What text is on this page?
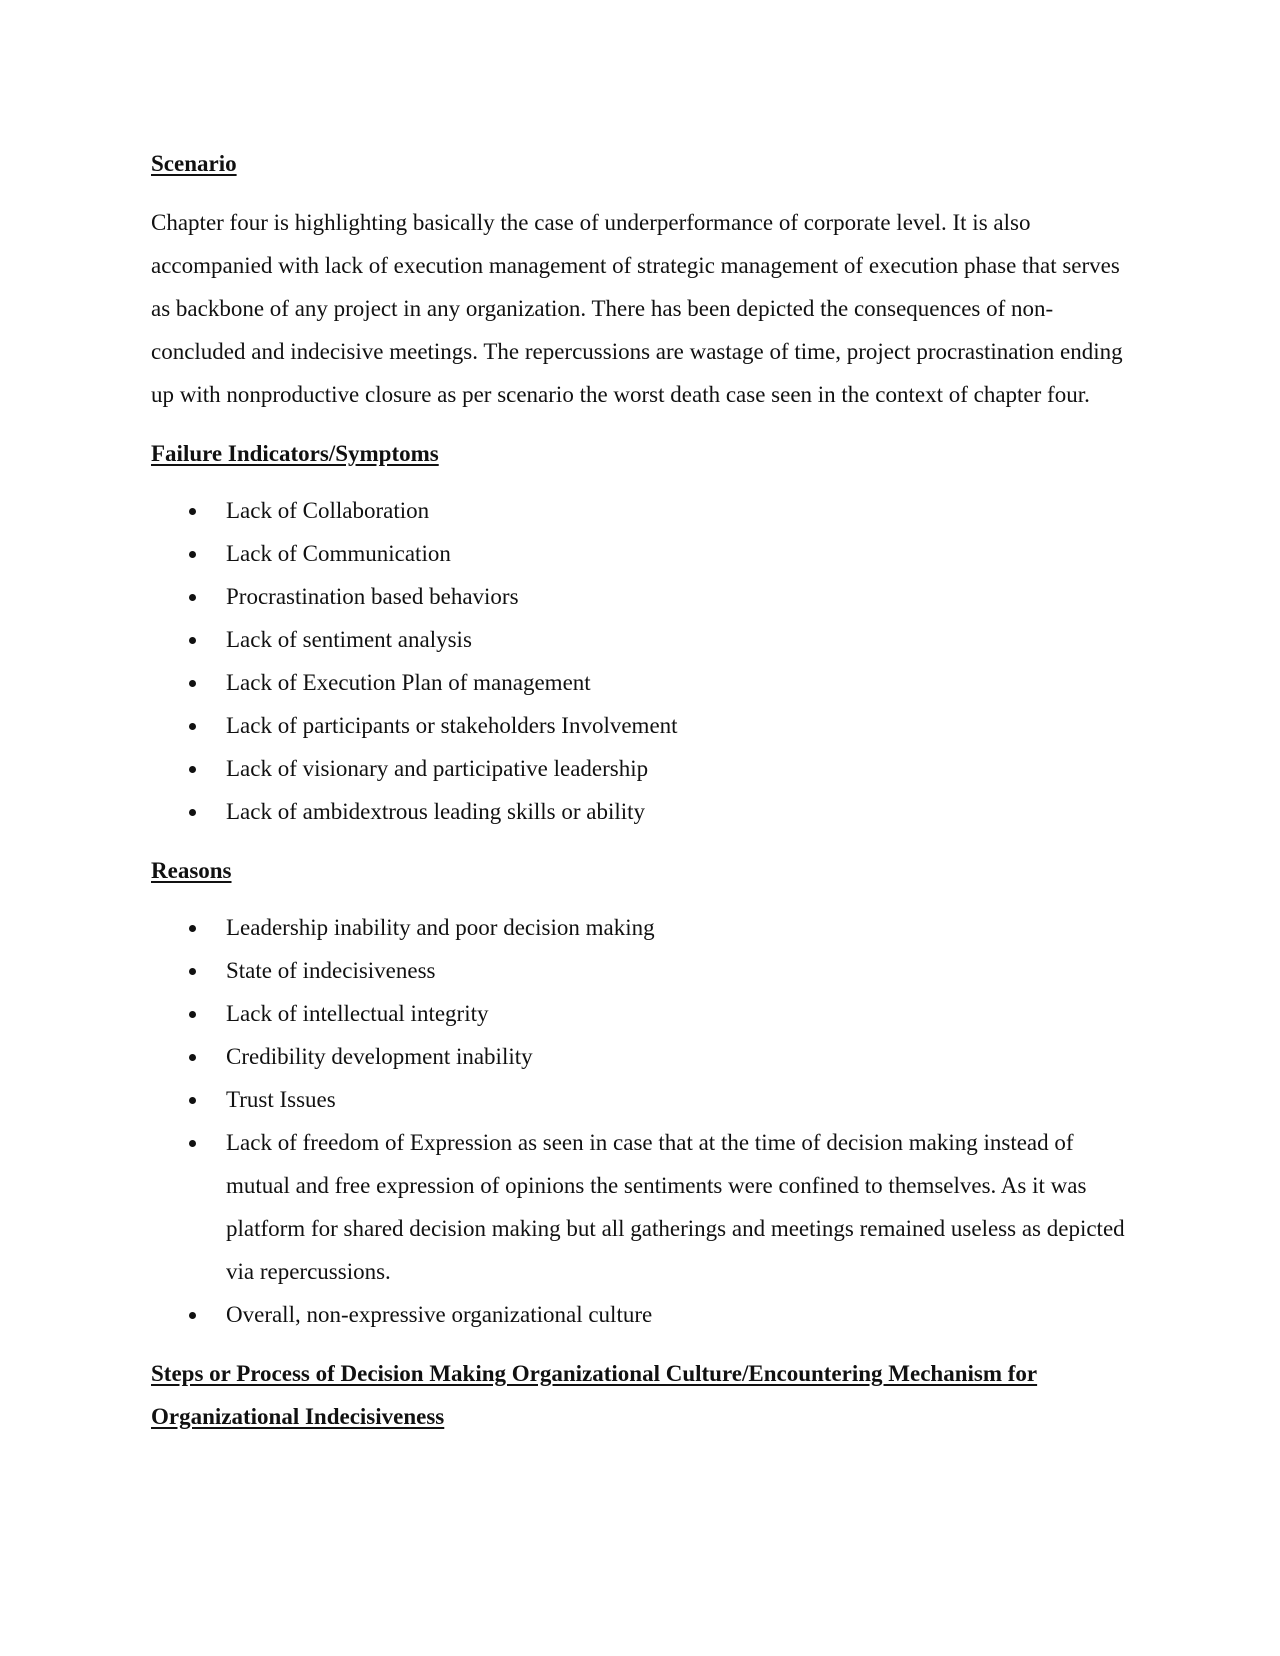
Scenario

Chapter four is highlighting basically the case of underperformance of corporate level. It is also accompanied with lack of execution management of strategic management of execution phase that serves as backbone of any project in any organization. There has been depicted the consequences of non-concluded and indecisive meetings. The repercussions are wastage of time, project procrastination ending up with nonproductive closure as per scenario the worst death case seen in the context of chapter four.

Failure Indicators/Symptoms

Lack of Collaboration
Lack of Communication
Procrastination based behaviors
Lack of sentiment analysis
Lack of Execution Plan of management
Lack of participants or stakeholders Involvement
Lack of visionary and participative leadership
Lack of ambidextrous leading skills or ability

Reasons

Leadership inability and poor decision making
State of indecisiveness
Lack of intellectual integrity
Credibility development inability
Trust Issues
Lack of freedom of Expression as seen in case that at the time of decision making instead of mutual and free expression of opinions the sentiments were confined to themselves. As it was platform for shared decision making but all gatherings and meetings remained useless as depicted via repercussions.
Overall, non-expressive organizational culture

Steps or Process of Decision Making Organizational Culture/Encountering Mechanism for Organizational Indecisiveness
